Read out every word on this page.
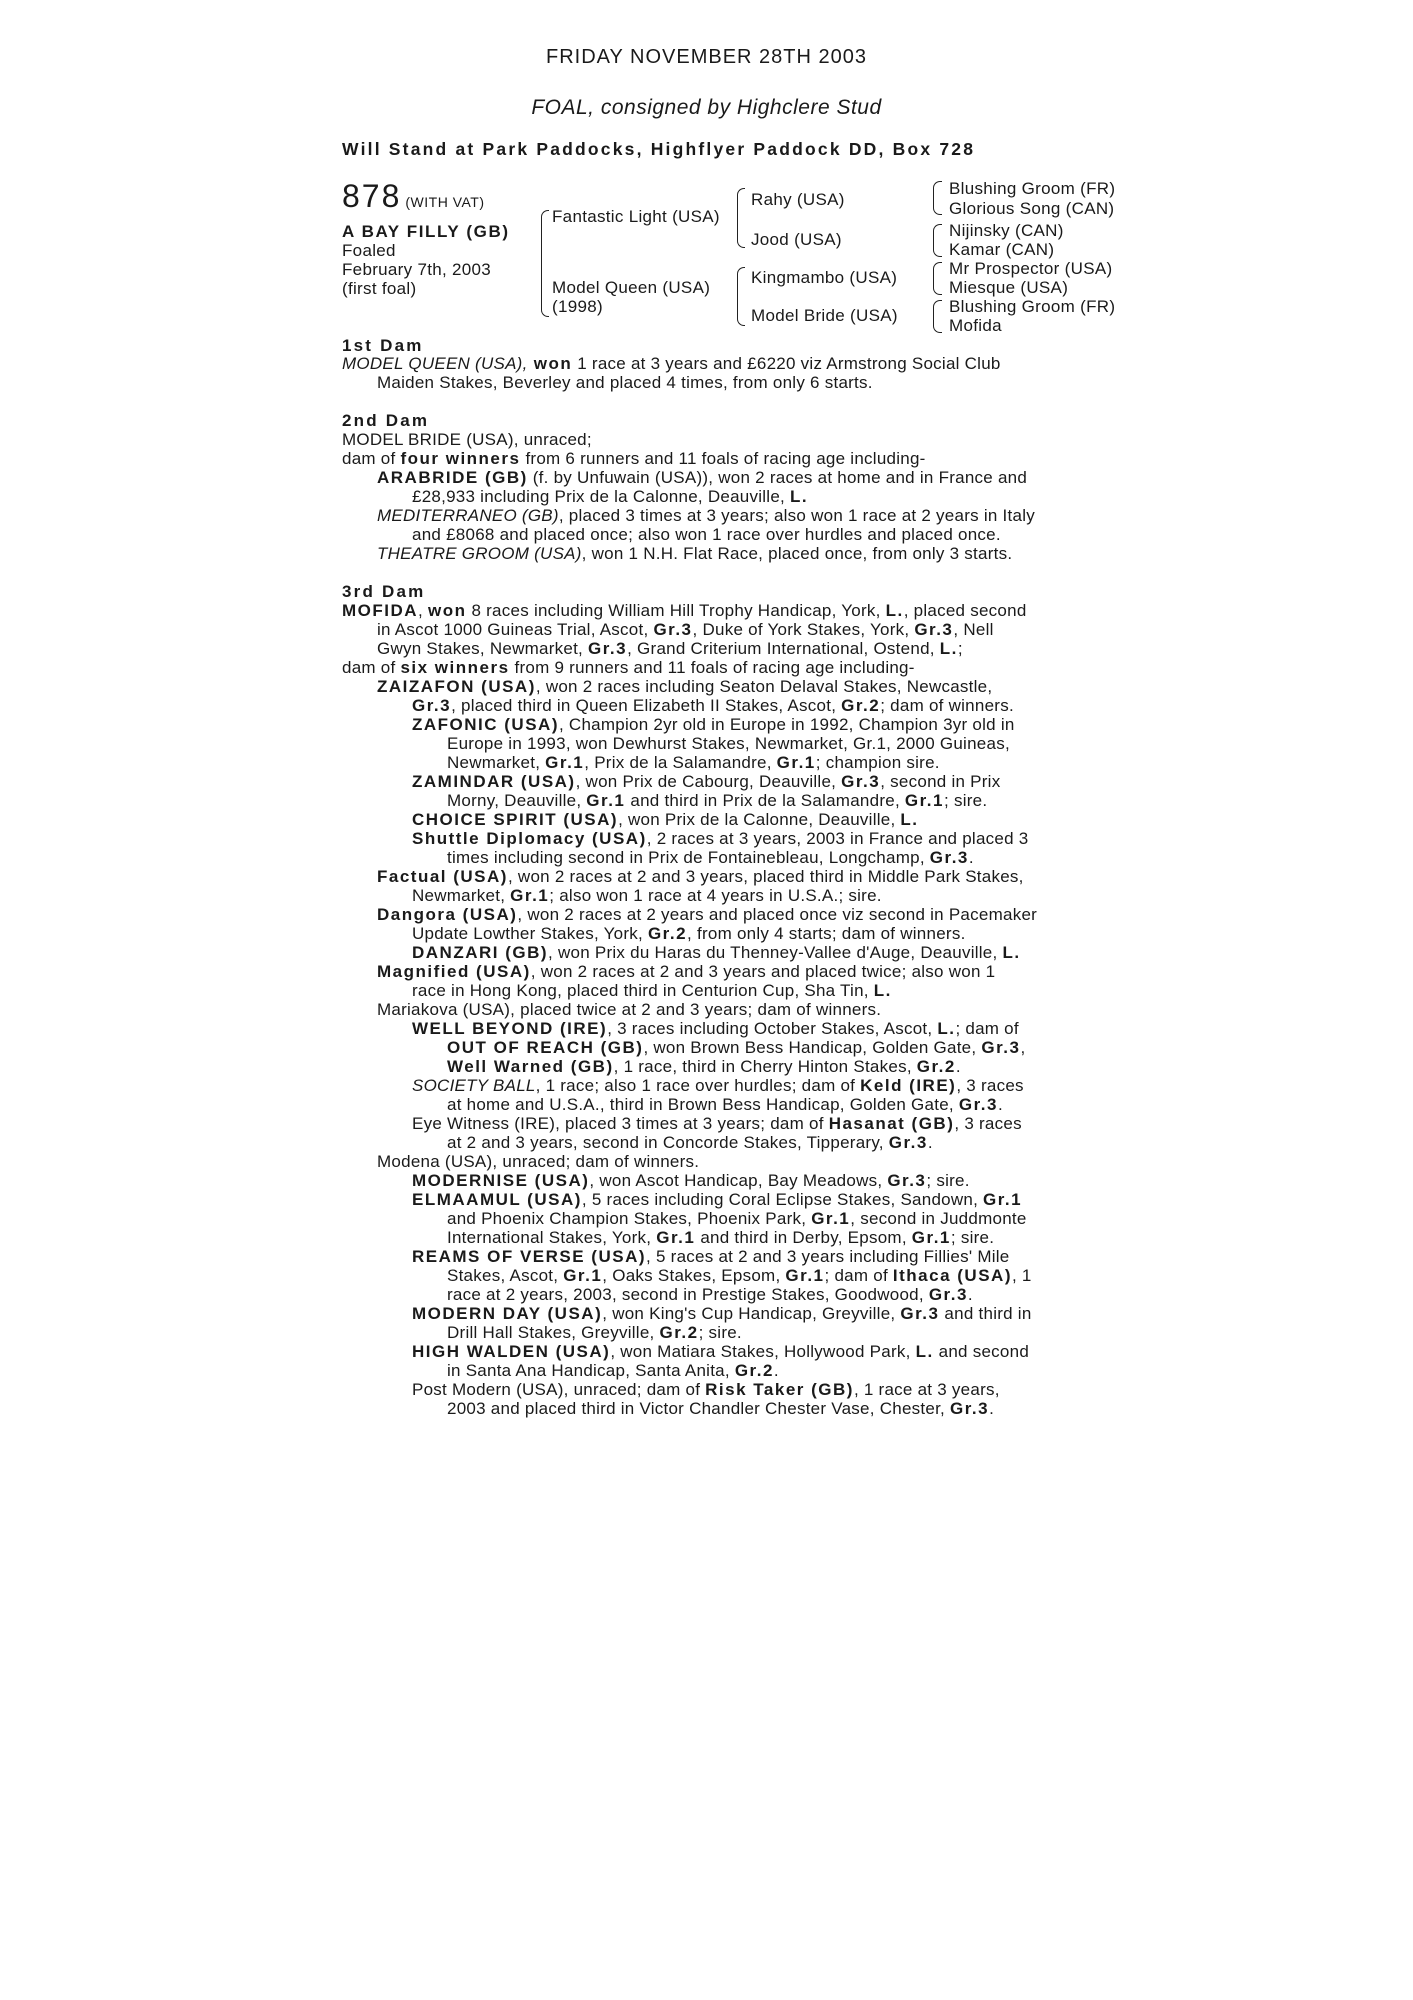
FRIDAY NOVEMBER 28TH 2003
FOAL, consigned by Highclere Stud
Will Stand at Park Paddocks, Highflyer Paddock DD, Box 728
878 (WITH VAT)
A BAY FILLY (GB)
Foaled
February 7th, 2003
(first foal)
Fantastic Light (USA)
Model Queen (USA)
(1998)
Rahy (USA)
Jood (USA)
Kingmambo (USA)
Model Bride (USA)
Blushing Groom (FR)
Glorious Song (CAN)
Nijinsky (CAN)
Kamar (CAN)
Mr Prospector (USA)
Miesque (USA)
Blushing Groom (FR)
Mofida
1st Dam
MODEL QUEEN (USA), won 1 race at 3 years and £6220 viz Armstrong Social Club
Maiden Stakes, Beverley and placed 4 times, from only 6 starts.
2nd Dam
MODEL BRIDE (USA), unraced;
dam of four winners from 6 runners and 11 foals of racing age including-
ARABRIDE (GB) (f. by Unfuwain (USA)), won 2 races at home and in France and
£28,933 including Prix de la Calonne, Deauville, L.
MEDITERRANEO (GB), placed 3 times at 3 years; also won 1 race at 2 years in Italy
and £8068 and placed once; also won 1 race over hurdles and placed once.
THEATRE GROOM (USA), won 1 N.H. Flat Race, placed once, from only 3 starts.
3rd Dam
MOFIDA, won 8 races including William Hill Trophy Handicap, York, L., placed second
in Ascot 1000 Guineas Trial, Ascot, Gr.3, Duke of York Stakes, York, Gr.3, Nell
Gwyn Stakes, Newmarket, Gr.3, Grand Criterium International, Ostend, L.;
dam of six winners from 9 runners and 11 foals of racing age including-
ZAIZAFON (USA), won 2 races including Seaton Delaval Stakes, Newcastle,
Gr.3, placed third in Queen Elizabeth II Stakes, Ascot, Gr.2; dam of winners.
ZAFONIC (USA), Champion 2yr old in Europe in 1992, Champion 3yr old in
Europe in 1993, won Dewhurst Stakes, Newmarket, Gr.1, 2000 Guineas,
Newmarket, Gr.1, Prix de la Salamandre, Gr.1; champion sire.
ZAMINDAR (USA), won Prix de Cabourg, Deauville, Gr.3, second in Prix
Morny, Deauville, Gr.1 and third in Prix de la Salamandre, Gr.1; sire.
CHOICE SPIRIT (USA), won Prix de la Calonne, Deauville, L.
Shuttle Diplomacy (USA), 2 races at 3 years, 2003 in France and placed 3
times including second in Prix de Fontainebleau, Longchamp, Gr.3.
Factual (USA), won 2 races at 2 and 3 years, placed third in Middle Park Stakes,
Newmarket, Gr.1; also won 1 race at 4 years in U.S.A.; sire.
Dangora (USA), won 2 races at 2 years and placed once viz second in Pacemaker
Update Lowther Stakes, York, Gr.2, from only 4 starts; dam of winners.
DANZARI (GB), won Prix du Haras du Thenney-Vallee d'Auge, Deauville, L.
Magnified (USA), won 2 races at 2 and 3 years and placed twice; also won 1
race in Hong Kong, placed third in Centurion Cup, Sha Tin, L.
Mariakova (USA), placed twice at 2 and 3 years; dam of winners.
WELL BEYOND (IRE), 3 races including October Stakes, Ascot, L.; dam of
OUT OF REACH (GB), won Brown Bess Handicap, Golden Gate, Gr.3,
Well Warned (GB), 1 race, third in Cherry Hinton Stakes, Gr.2.
SOCIETY BALL, 1 race; also 1 race over hurdles; dam of Keld (IRE), 3 races
at home and U.S.A., third in Brown Bess Handicap, Golden Gate, Gr.3.
Eye Witness (IRE), placed 3 times at 3 years; dam of Hasanat (GB), 3 races
at 2 and 3 years, second in Concorde Stakes, Tipperary, Gr.3.
Modena (USA), unraced; dam of winners.
MODERNISE (USA), won Ascot Handicap, Bay Meadows, Gr.3; sire.
ELMAAMUL (USA), 5 races including Coral Eclipse Stakes, Sandown, Gr.1
and Phoenix Champion Stakes, Phoenix Park, Gr.1, second in Juddmonte
International Stakes, York, Gr.1 and third in Derby, Epsom, Gr.1; sire.
REAMS OF VERSE (USA), 5 races at 2 and 3 years including Fillies' Mile
Stakes, Ascot, Gr.1, Oaks Stakes, Epsom, Gr.1; dam of Ithaca (USA), 1
race at 2 years, 2003, second in Prestige Stakes, Goodwood, Gr.3.
MODERN DAY (USA), won King's Cup Handicap, Greyville, Gr.3 and third in
Drill Hall Stakes, Greyville, Gr.2; sire.
HIGH WALDEN (USA), won Matiara Stakes, Hollywood Park, L. and second
in Santa Ana Handicap, Santa Anita, Gr.2.
Post Modern (USA), unraced; dam of Risk Taker (GB), 1 race at 3 years,
2003 and placed third in Victor Chandler Chester Vase, Chester, Gr.3.
